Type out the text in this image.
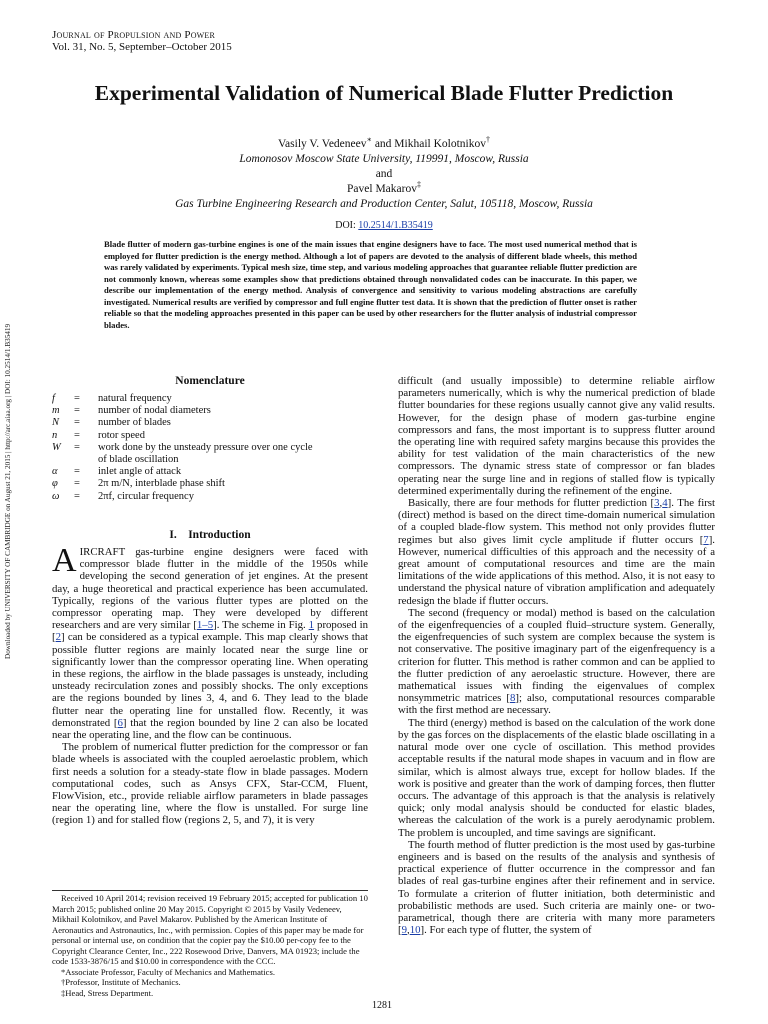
Journal of Propulsion and Power
Vol. 31, No. 5, September–October 2015
Experimental Validation of Numerical Blade Flutter Prediction
Vasily V. Vedeneev∗ and Mikhail Kolotnikov†
Lomonosov Moscow State University, 119991, Moscow, Russia
and
Pavel Makarov‡
Gas Turbine Engineering Research and Production Center, Salut, 105118, Moscow, Russia
DOI: 10.2514/1.B35419
Blade flutter of modern gas-turbine engines is one of the main issues that engine designers have to face. The most used numerical method that is employed for flutter prediction is the energy method. Although a lot of papers are devoted to the analysis of different blade wheels, this method was rarely validated by experiments. Typical mesh size, time step, and various modeling approaches that guarantee reliable flutter prediction are not commonly known, whereas some examples show that predictions obtained through nonvalidated codes can be inaccurate. In this paper, we describe our implementation of the energy method. Analysis of convergence and sensitivity to various modeling abstractions are carefully investigated. Numerical results are verified by compressor and full engine flutter test data. It is shown that the prediction of flutter onset is rather reliable so that the modeling approaches presented in this paper can be used by other researchers for the flutter analysis of industrial compressor blades.
Downloaded by UNIVERSITY OF CAMBRIDGE on August 21, 2015 | http://arc.aiaa.org | DOI: 10.2514/1.B35419	Nomenclature
f	=	natural frequency
m	=	number of nodal diameters
N	=	number of blades
n	=	rotor speed
W	=	work done by the unsteady pressure over one cycle of blade oscillation
α	=	inlet angle of attack
φ	=	2π m/N, interblade phase shift
ω	=	2πf, circular frequency
I. Introduction

AIRCRAFT gas-turbine engine designers were faced with compressor blade flutter in the middle of the 1950s while developing the second generation of jet engines. At the present day, a huge theoretical and practical experience has been accumulated. Typically, regions of the various flutter types are plotted on the compressor operating map. They were developed by different researchers and are very similar [1–5]. The scheme in Fig. 1 proposed in [2] can be considered as a typical example. This map clearly shows that possible flutter regions are mainly located near the surge line or significantly lower than the compressor operating line. When operating in these regions, the airflow in the blade passages is unsteady, including unsteady recirculation zones and possibly shocks. The only exceptions are the regions bounded by lines 3, 4, and 6. They lead to the blade flutter near the operating line for unstalled flow. Recently, it was demonstrated [6] that the region bounded by line 2 can also be located near the operating line, and the flow can be continuous.

The problem of numerical flutter prediction for the compressor or fan blade wheels is associated with the coupled aeroelastic problem, which first needs a solution for a steady-state flow in blade passages. Modern computational codes, such as Ansys CFX, Star-CCM, Fluent, FlowVision, etc., provide reliable airflow parameters in blade passages near the operating line, where the flow is unstalled. For surge line (region 1) and for stalled flow (regions 2, 5, and 7), it is very

Received 10 April 2014; revision received 19 February 2015; accepted for publication 10 March 2015; published online 20 May 2015. Copyright © 2015 by Vasily Vedeneev, Mikhail Kolotnikov, and Pavel Makarov. Published by the American Institute of Aeronautics and Astronautics, Inc., with permission. Copies of this paper may be made for personal or internal use, on condition that the copier pay the $10.00 per-copy fee to the Copyright Clearance Center, Inc., 222 Rosewood Drive, Danvers, MA 01923; include the code 1533-3876/15 and $10.00 in correspondence with the CCC.

*Associate Professor, Faculty of Mechanics and Mathematics.

†Professor, Institute of Mechanics.

‡Head, Stress Department.

difficult (and usually impossible) to determine reliable airflow parameters numerically, which is why the numerical prediction of blade flutter boundaries for these regions usually cannot give any valid results. However, for the design phase of modern gas-turbine engine compressors and fans, the most important is to suppress flutter around the operating line with required safety margins because this provides the ability for test validation of the main characteristics of the new compressors. The dynamic stress state of compressor or fan blades operating near the surge line and in regions of stalled flow is typically determined experimentally during the refinement of the engine.

Basically, there are four methods for flutter prediction [3,4]. The first (direct) method is based on the direct time-domain numerical simulation of a coupled blade-flow system. This method not only provides flutter regimes but also gives limit cycle amplitude if flutter occurs [7]. However, numerical difficulties of this approach and the necessity of a great amount of computational resources and time are the main limitations of the wide applications of this method. Also, it is not easy to understand the physical nature of vibration amplification and adequately redesign the blade if flutter occurs.

The second (frequency or modal) method is based on the calculation of the eigenfrequencies of a coupled fluid–structure system. Generally, the eigenfrequencies of such system are complex because the system is not conservative. The positive imaginary part of the eigenfrequency is a criterion for flutter. This method is rather common and can be applied to the flutter prediction of any aeroelastic structure. However, there are mathematical issues with finding the eigenvalues of complex nonsymmetric matrices [8]; also, computational resources comparable with the first method are necessary.

The third (energy) method is based on the calculation of the work done by the gas forces on the displacements of the elastic blade oscillating in a natural mode over one cycle of oscillation. This method provides acceptable results if the natural mode shapes in vacuum and in flow are similar, which is almost always true, except for hollow blades. If the work is positive and greater than the work of damping forces, then flutter occurs. The advantage of this approach is that the analysis is relatively quick; only modal analysis should be conducted for elastic blades, whereas the calculation of the work is a purely aerodynamic problem. The problem is uncoupled, and time savings are significant.

The fourth method of flutter prediction is the most used by gas-turbine engineers and is based on the results of the analysis and synthesis of practical experience of flutter occurrence in the compressor and fan blades of real gas-turbine engines after their refinement and in service. To formulate a criterion of flutter initiation, both deterministic and probabilistic methods are used. Such criteria are mainly one- or two-parametrical, though there are criteria with many more parameters [9,10]. For each type of flutter, the system of

1281
